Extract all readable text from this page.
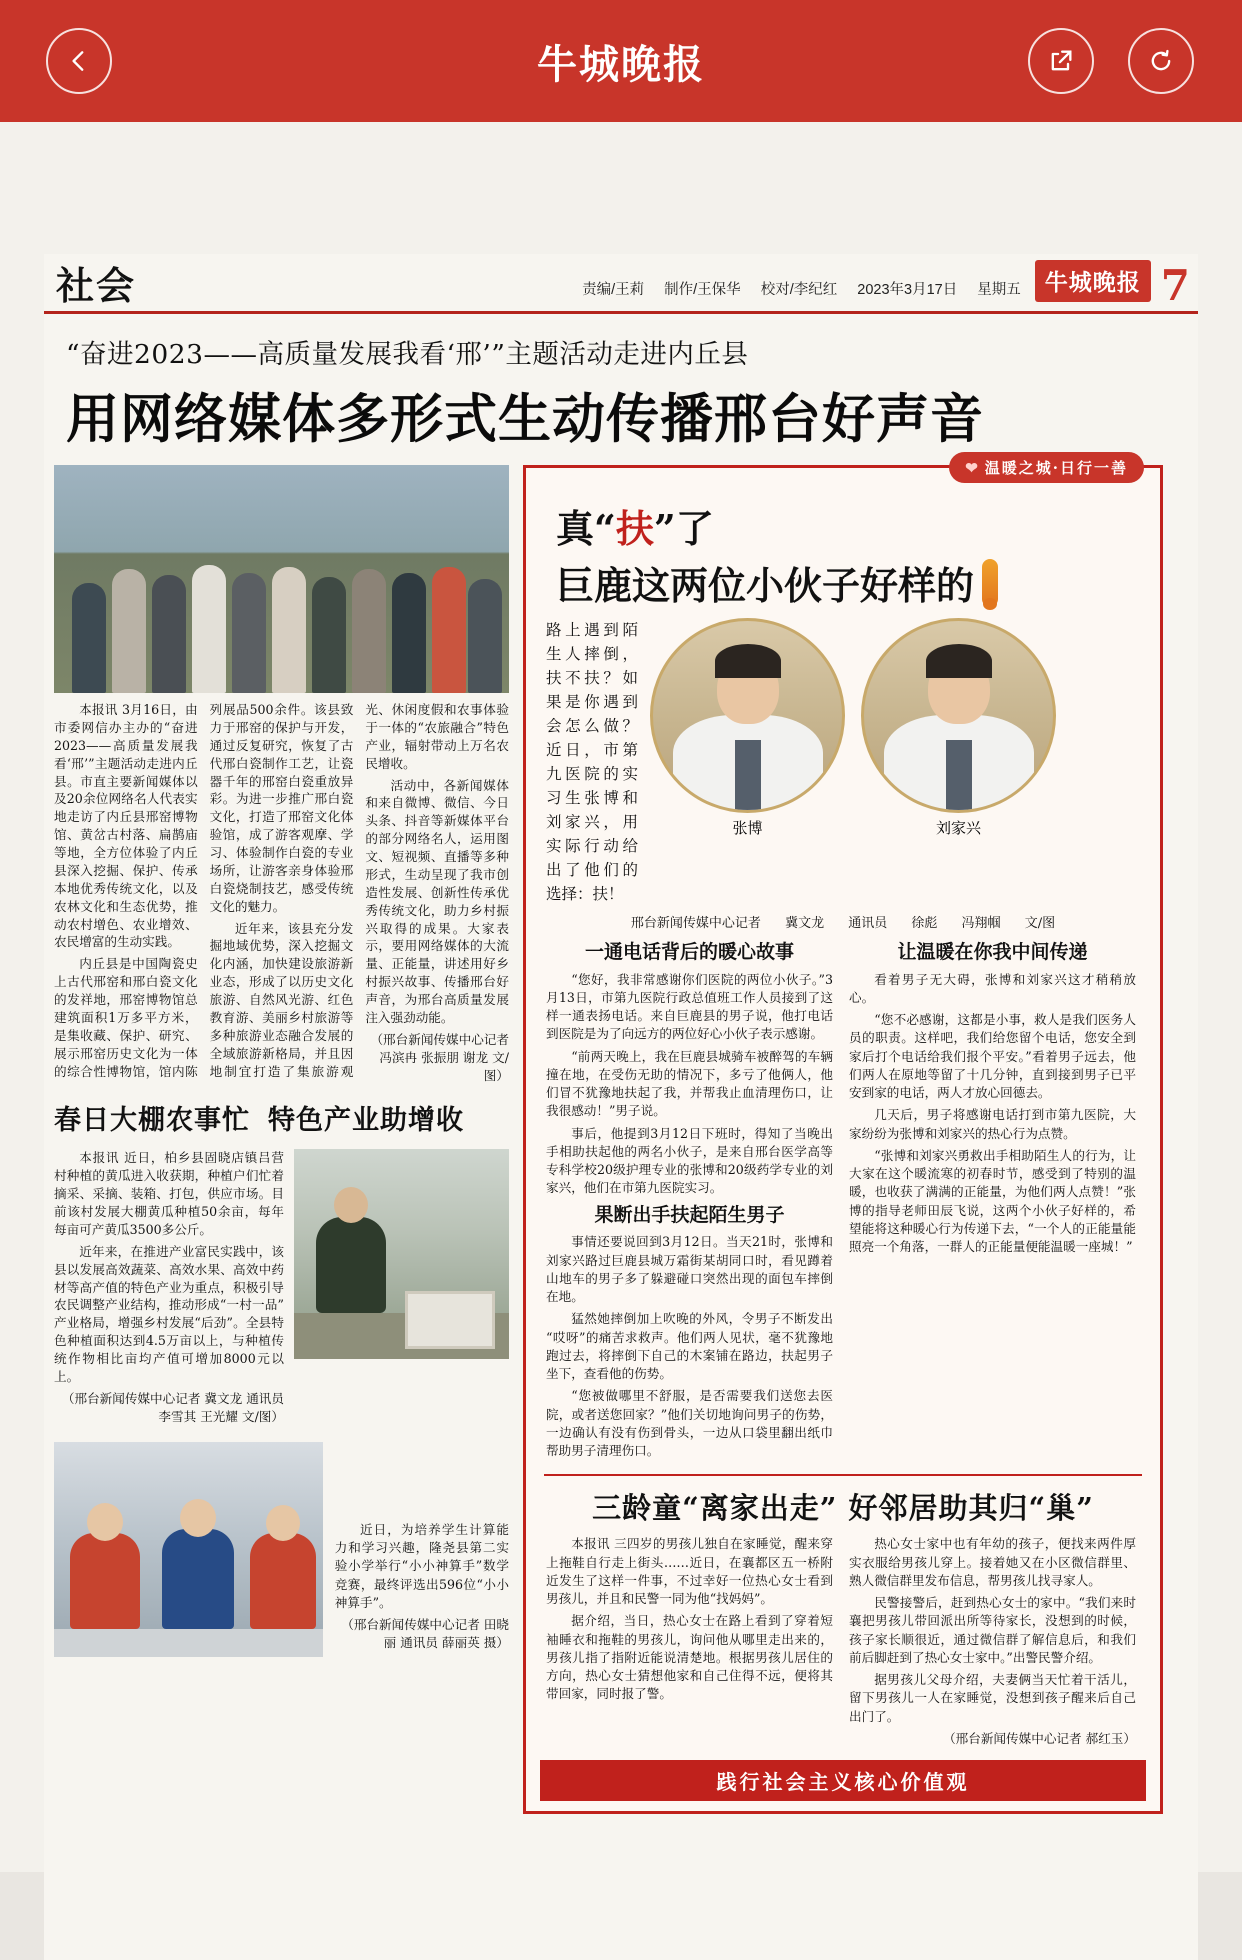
牛城晚报
社会	责编/王莉 制作/王保华 校对/李纪红 2023年3月17日 星期五	牛城晚报 7
“奋进2023——高质量发展我看‘邢’”主题活动走进内丘县
用网络媒体多形式生动传播邢台好声音

本报讯 3月16日，由市委网信办主办的“奋进2023——高质量发展我看‘邢’”主题活动走进内丘县。市直主要新闻媒体以及20余位网络名人代表实地走访了内丘县邢窑博物馆、黄岔古村落、扁鹊庙等地，全方位体验了内丘县深入挖掘、保护、传承本地优秀传统文化，以及农林文化和生态优势，推动农村增色、农业增效、农民增富的生动实践。

内丘县是中国陶瓷史上古代邢窑和邢白瓷文化的发祥地，邢窑博物馆总建筑面积1万多平方米，是集收藏、保护、研究、展示邢窑历史文化为一体的综合性博物馆，馆内陈列展品500余件。该县致力于邢窑的保护与开发，通过反复研究，恢复了古代邢白瓷制作工艺，让瓷器千年的邢窑白瓷重放异彩。为进一步推广邢白瓷文化，打造了邢窑文化体验馆，成了游客观摩、学习、体验制作白瓷的专业场所，让游客亲身体验邢白瓷烧制技艺，感受传统文化的魅力。

近年来，该县充分发掘地域优势，深入挖掘文化内涵，加快建设旅游新业态，形成了以历史文化旅游、自然风光游、红色教育游、美丽乡村旅游等多种旅游业态融合发展的全域旅游新格局，并且因地制宜打造了集旅游观光、休闲度假和农事体验于一体的“农旅融合”特色产业，辐射带动上万名农民增收。

活动中，各新闻媒体和来自微博、微信、今日头条、抖音等新媒体平台的部分网络名人，运用图文、短视频、直播等多种形式，生动呈现了我市创造性发展、创新性传承优秀传统文化，助力乡村振兴取得的成果。大家表示，要用网络媒体的大流量、正能量，讲述用好乡村振兴故事、传播邢台好声音，为邢台高质量发展注入强劲动能。

（邢台新闻传媒中心记者 冯滨冉 张振朋 谢龙 文/图）

春日大棚农事忙 特色产业助增收

本报讯 近日，柏乡县固晓店镇吕营村种植的黄瓜进入收获期，种植户们忙着摘采、采摘、装箱、打包，供应市场。目前该村发展大棚黄瓜种植50余亩，每年每亩可产黄瓜3500多公斤。

近年来，在推进产业富民实践中，该县以发展高效蔬菜、高效水果、高效中药材等高产值的特色产业为重点，积极引导农民调整产业结构，推动形成“一村一品”产业格局，增强乡村发展“后劲”。全县特色种植面积达到4.5万亩以上，与种植传统作物相比亩均产值可增加8000元以上。

（邢台新闻传媒中心记者 冀文龙 通讯员 李雪其 王光耀 文/图）

近日，为培养学生计算能力和学习兴趣，隆尧县第二实验小学举行“小小神算手”数学竞赛，最终评选出596位“小小神算手”。

（邢台新闻传媒中心记者 田晓丽 通讯员 薛丽英 摄）

❤ 温暖之城·日行一善
真“扶”了
巨鹿这两位小伙子好样的
路上遇到陌生人摔倒，扶不扶？如果是你遇到会怎么做？近日，市第九医院的实习生张博和刘家兴，用实际行动给出了他们的选择：扶！
张博	刘家兴
邢台新闻传媒中心记者 冀文龙 通讯员 徐彪 冯翔帼 文/图

一通电话背后的暖心故事

“您好，我非常感谢你们医院的两位小伙子。”3月13日，市第九医院行政总值班工作人员接到了这样一通表扬电话。来自巨鹿县的男子说，他打电话到医院是为了向远方的两位好心小伙子表示感谢。

“前两天晚上，我在巨鹿县城骑车被醉驾的车辆撞在地，在受伤无助的情况下，多亏了他俩人，他们冒不犹豫地扶起了我，并帮我止血清理伤口，让我很感动！”男子说。

事后，他提到3月12日下班时，得知了当晚出手相助扶起他的两名小伙子，是来自邢台医学高等专科学校20级护理专业的张博和20级药学专业的刘家兴，他们在市第九医院实习。

果断出手扶起陌生男子

事情还要说回到3月12日。当天21时，张博和刘家兴路过巨鹿县城万霜街某胡同口时，看见蹲着山地车的男子多了躲避碰口突然出现的面包车摔倒在地。

猛然她摔倒加上吹晚的外风，令男子不断发出“哎呀”的痛苦求救声。他们两人见状，毫不犹豫地跑过去，将摔倒下自己的木案铺在路边，扶起男子坐下，查看他的伤势。

“您被做哪里不舒服，是否需要我们送您去医院，或者送您回家？”他们关切地询问男子的伤势，一边确认有没有伤到骨头，一边从口袋里翻出纸巾帮助男子清理伤口。

让温暖在你我中间传递

看着男子无大碍，张博和刘家兴这才稍稍放心。

“您不必感谢，这都是小事，救人是我们医务人员的职责。这样吧，我们给您留个电话，您安全到家后打个电话给我们报个平安。”看着男子远去，他们两人在原地等留了十几分钟，直到接到男子已平安到家的电话，两人才放心回德去。

几天后，男子将感谢电话打到市第九医院，大家纷纷为张博和刘家兴的热心行为点赞。

“张博和刘家兴勇救出手相助陌生人的行为，让大家在这个暖流寒的初春时节，感受到了特别的温暖，也收获了满满的正能量，为他们两人点赞！”张博的指导老师田辰飞说，这两个小伙子好样的，希望能将这种暖心行为传递下去，“一个人的正能量能照亮一个角落，一群人的正能量便能温暖一座城！”

三龄童“离家出走” 好邻居助其归“巢”

本报讯 三四岁的男孩儿独自在家睡觉，醒来穿上拖鞋自行走上街头……近日，在襄都区五一桥附近发生了这样一件事，不过幸好一位热心女士看到男孩儿，并且和民警一同为他“找妈妈”。

据介绍，当日，热心女士在路上看到了穿着短袖睡衣和拖鞋的男孩儿，询问他从哪里走出来的，男孩儿指了指附近能说清楚地。根据男孩儿居住的方向，热心女士猜想他家和自己住得不远，便将其带回家，同时报了警。

热心女士家中也有年幼的孩子，便找来两件厚实衣服给男孩儿穿上。接着她又在小区微信群里、熟人微信群里发布信息，帮男孩儿找寻家人。

民警接警后，赶到热心女士的家中。“我们来时襄把男孩儿带回派出所等待家长，没想到的时候，孩子家长顺很近，通过微信群了解信息后，和我们前后脚赶到了热心女士家中。”出警民警介绍。

据男孩儿父母介绍，夫妻俩当天忙着干活儿，留下男孩儿一人在家睡觉，没想到孩子醒来后自己出门了。

（邢台新闻传媒中心记者 郝红玉）

践行社会主义核心价值观
